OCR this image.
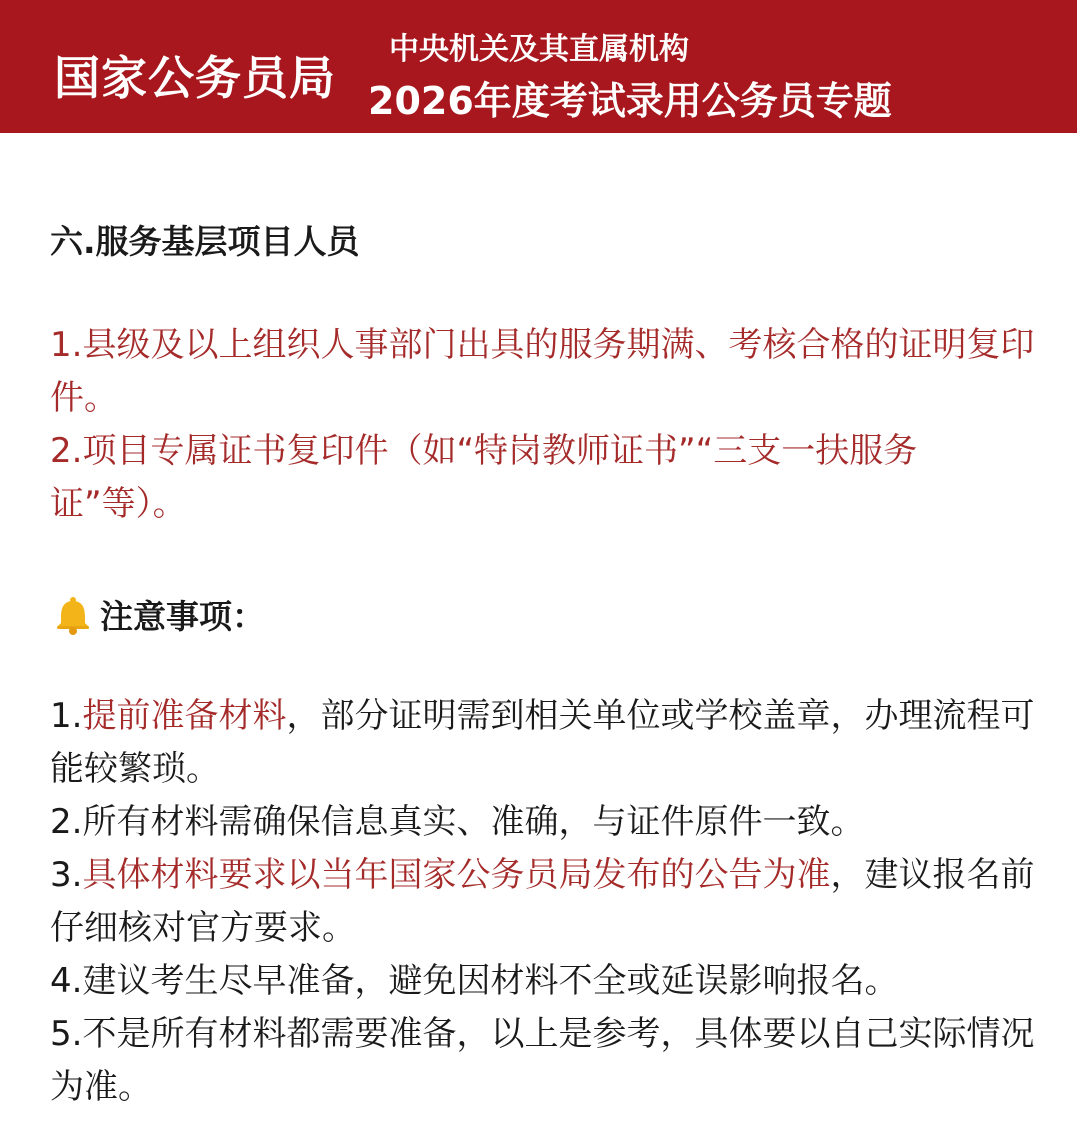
国家公务员局
中央机关及其直属机构
2026年度考试录用公务员专题
六.服务基层项目人员

1.县级及以上组织人事部门出具的服务期满、考核合格的证明复印件。

2.项目专属证书复印件（如“特岗教师证书”“三支一扶服务证”等）。

注意事项：

1.提前准备材料，部分证明需到相关单位或学校盖章，办理流程可能较繁琐。

2.所有材料需确保信息真实、准确，与证件原件一致。

3.具体材料要求以当年国家公务员局发布的公告为准，建议报名前仔细核对官方要求。

4.建议考生尽早准备，避免因材料不全或延误影响报名。

5.不是所有材料都需要准备，以上是参考，具体要以自己实际情况为准。
